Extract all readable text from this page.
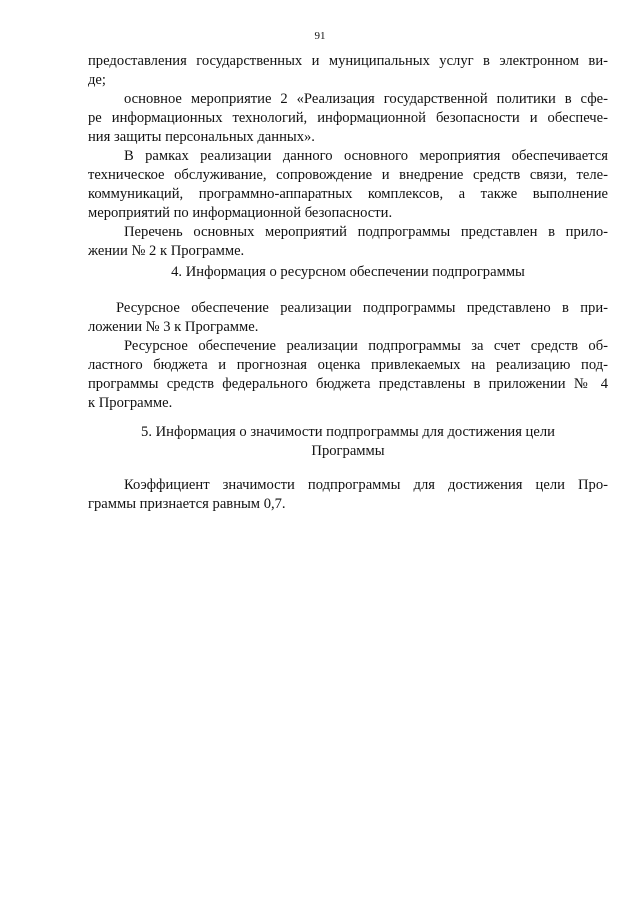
91
предоставления государственных и муниципальных услуг в электронном ви-
де;
основное мероприятие 2 «Реализация государственной политики в сфе-
ре информационных технологий, информационной безопасности и обеспече-
ния защиты персональных данных».
В рамках реализации данного основного мероприятия обеспечивается
техническое обслуживание, сопровождение и внедрение средств связи, теле-
коммуникаций, программно-аппаратных комплексов, а также выполнение
мероприятий по информационной безопасности.
Перечень основных мероприятий подпрограммы представлен в прило-
жении № 2 к Программе.
4. Информация о ресурсном обеспечении подпрограммы
Ресурсное обеспечение реализации подпрограммы представлено в при-
ложении № 3 к Программе.
Ресурсное обеспечение реализации подпрограммы за счет средств об-
ластного бюджета и прогнозная оценка привлекаемых на реализацию под-
программы средств федерального бюджета представлены в приложении № 4
к Программе.
5. Информация о значимости подпрограммы для достижения цели
Программы
Коэффициент значимости подпрограммы для достижения цели Про-
граммы признается равным 0,7.
